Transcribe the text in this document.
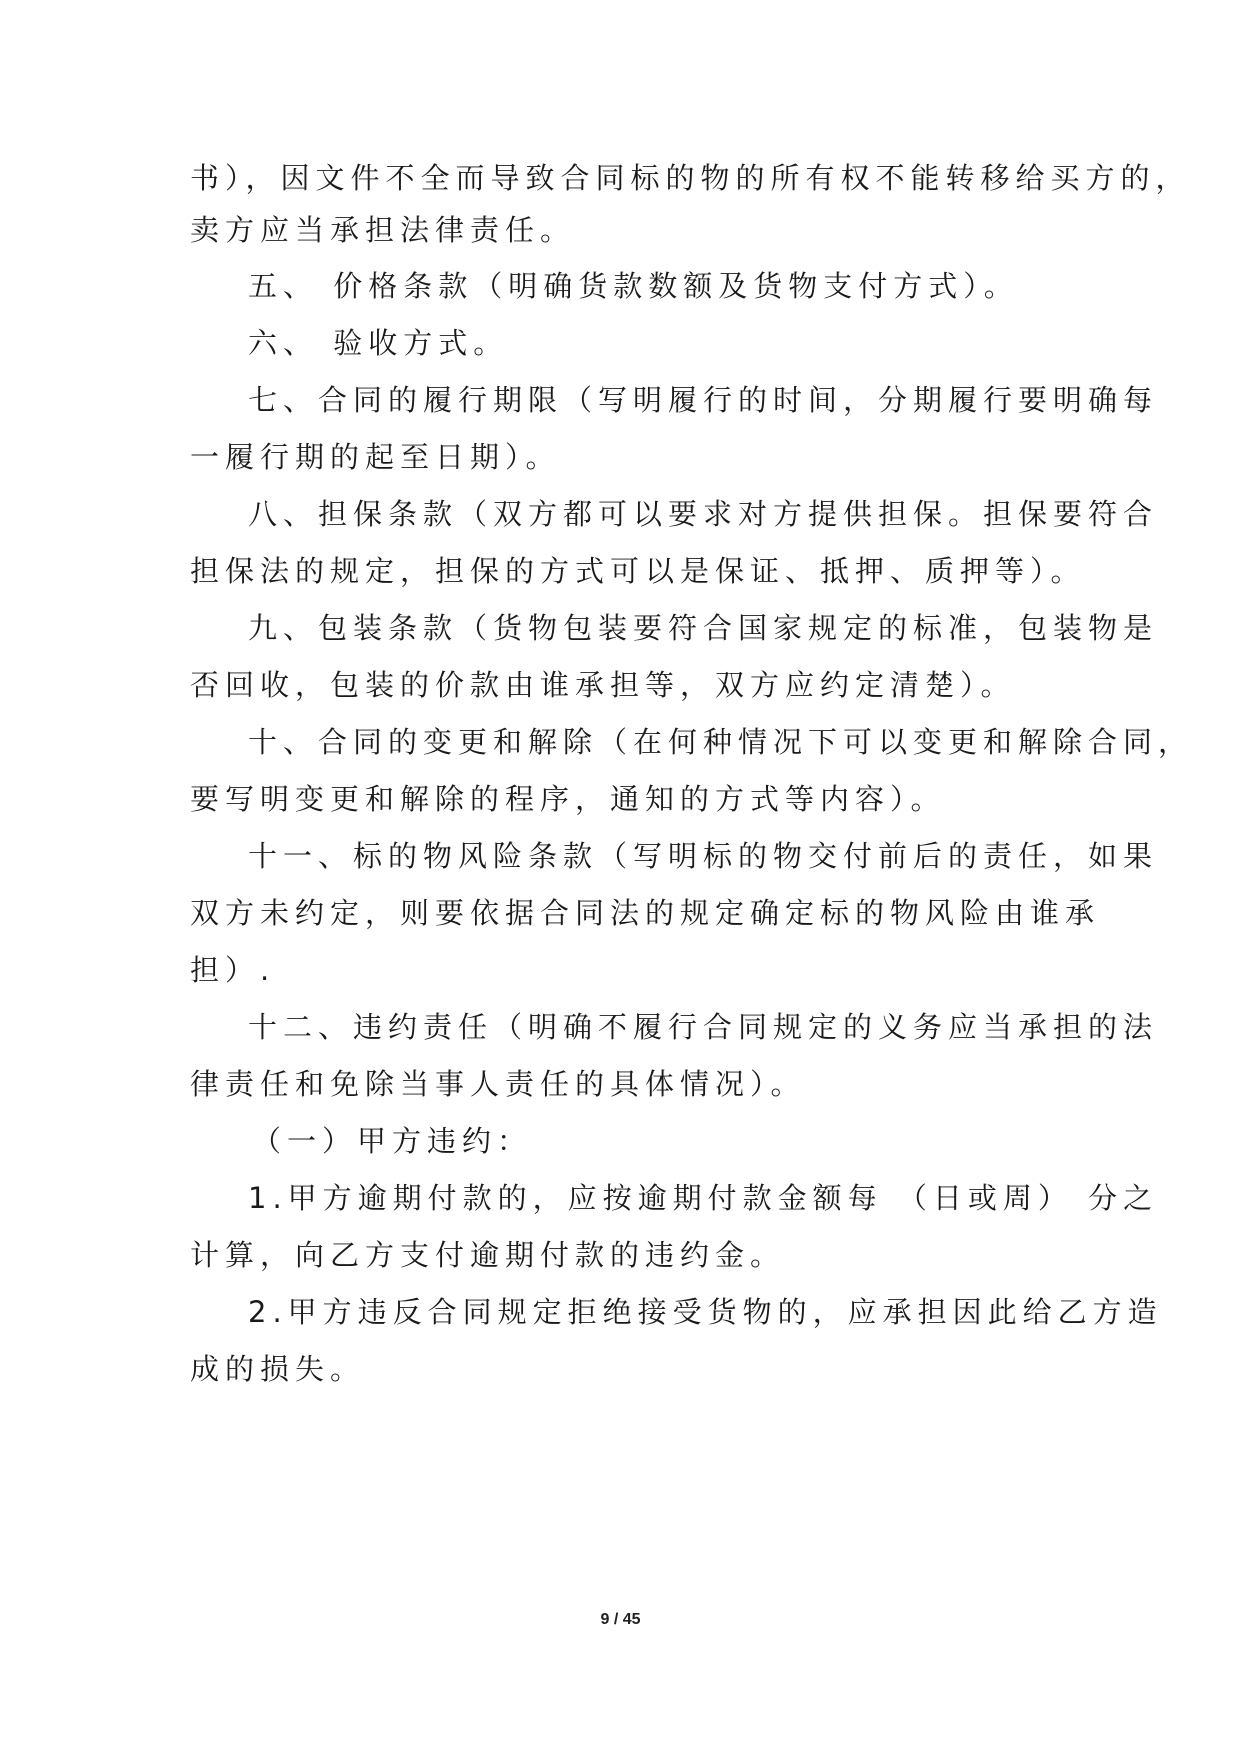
书），因文件不全而导致合同标的物的所有权不能转移给买方的，
卖方应当承担法律责任。
五、 价格条款（明确货款数额及货物支付方式）。
六、 验收方式。
七、合同的履行期限（写明履行的时间，分期履行要明确每
一履行期的起至日期）。
八、担保条款（双方都可以要求对方提供担保。担保要符合
担保法的规定，担保的方式可以是保证、抵押、质押等）。
九、包装条款（货物包装要符合国家规定的标准，包装物是
否回收，包装的价款由谁承担等，双方应约定清楚）。
十、合同的变更和解除（在何种情况下可以变更和解除合同，
要写明变更和解除的程序，通知的方式等内容）。
十一、标的物风险条款（写明标的物交付前后的责任，如果
双方未约定，则要依据合同法的规定确定标的物风险由谁承
担）.
十二、违约责任（明确不履行合同规定的义务应当承担的法
律责任和免除当事人责任的具体情况）。
（一）甲方违约：
1.甲方逾期付款的，应按逾期付款金额每 （日或周） 分之
计算，向乙方支付逾期付款的违约金。
2.甲方违反合同规定拒绝接受货物的，应承担因此给乙方造
成的损失。
9 / 45
